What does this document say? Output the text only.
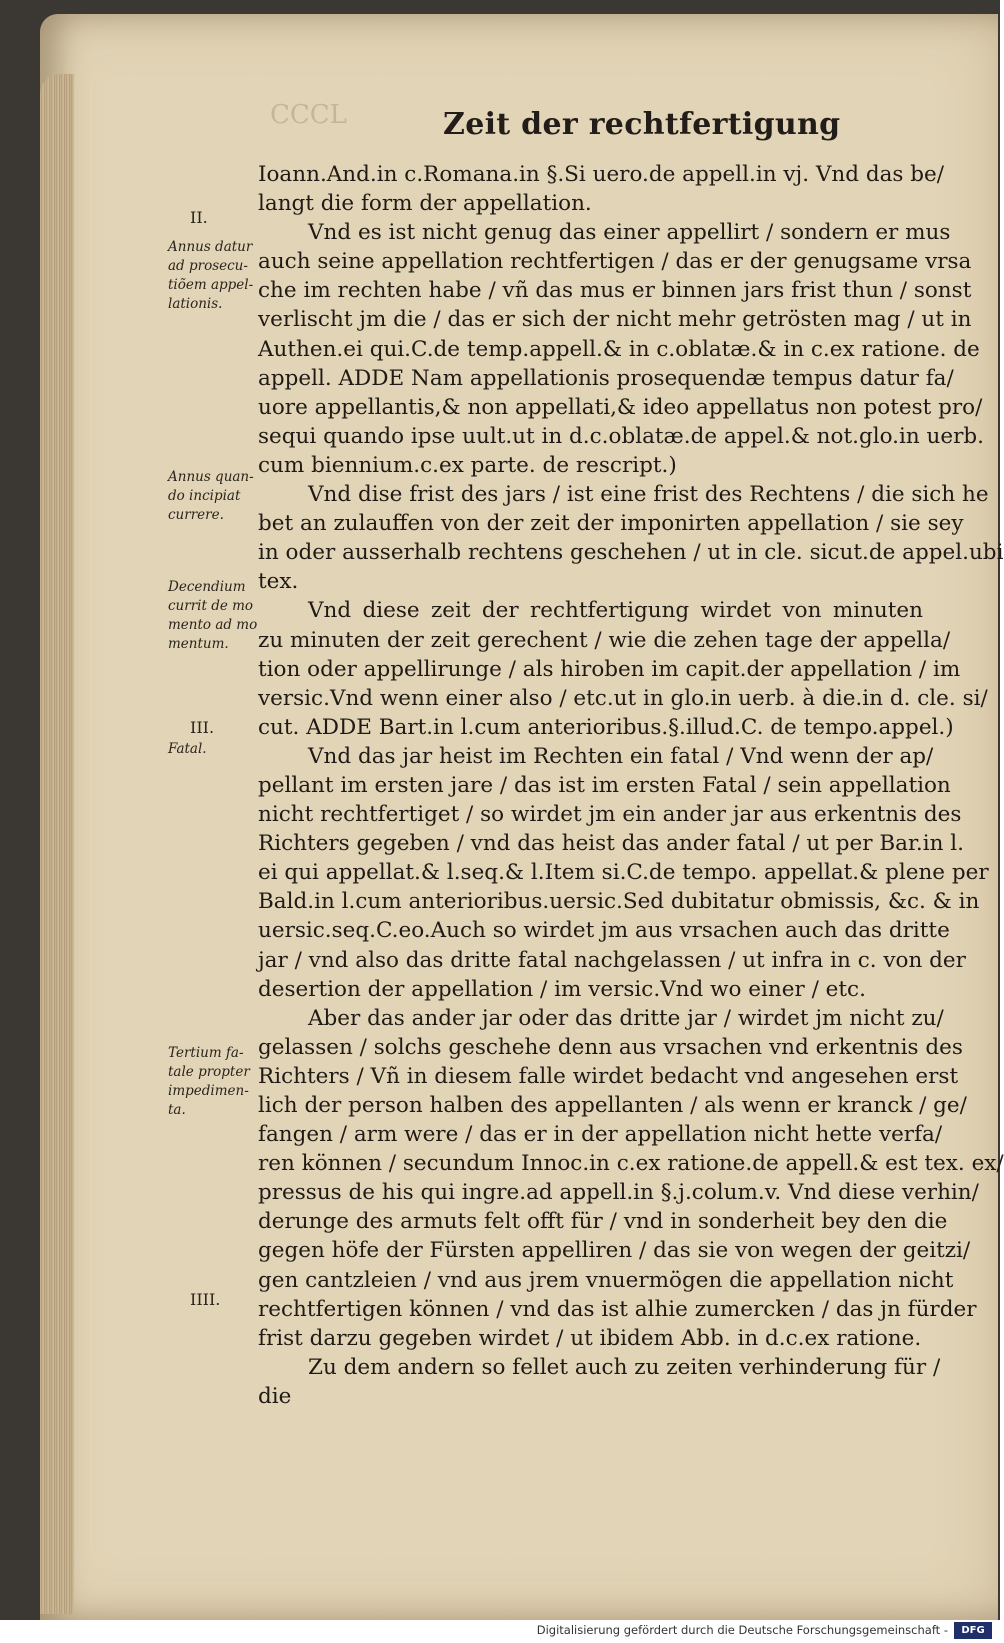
CCCL	Zeit der rechtfertigung
Ioann.And.in c.Romana.in §.Si uero.de appell.in vj. Vnd das be/
langt die form der appellation.
Vnd es ist nicht genug das einer appellirt / sondern er mus
auch seine appellation rechtfertigen / das er der genugsame vrsa
che im rechten habe / vñ das mus er binnen jars frist thun / sonst
verlischt jm die / das er sich der nicht mehr getrösten mag / ut in
Authen.ei qui.C.de temp.appell.& in c.oblatæ.& in c.ex ratione. de
appell. ADDE Nam appellationis prosequendæ tempus datur fa/
uore appellantis,& non appellati,& ideo appellatus non potest pro/
sequi quando ipse uult.ut in d.c.oblatæ.de appel.& not.glo.in uerb.
cum biennium.c.ex parte. de rescript.)
Vnd dise frist des jars / ist eine frist des Rechtens / die sich he
bet an zulauffen von der zeit der imponirten appellation / sie sey
in oder ausserhalb rechtens geschehen / ut in cle. sicut.de appel.ubi
tex.
Vnd diese zeit der rechtfertigung wirdet von minuten
zu minuten der zeit gerechent / wie die zehen tage der appella/
tion oder appellirunge / als hiroben im capit.der appellation / im
versic.Vnd wenn einer also / etc.ut in glo.in uerb. à die.in d. cle. si/
cut. ADDE Bart.in l.cum anterioribus.§.illud.C. de tempo.appel.)
Vnd das jar heist im Rechten ein fatal / Vnd wenn der ap/
pellant im ersten jare / das ist im ersten Fatal / sein appellation
nicht rechtfertiget / so wirdet jm ein ander jar aus erkentnis des
Richters gegeben / vnd das heist das ander fatal / ut per Bar.in l.
ei qui appellat.& l.seq.& l.Item si.C.de tempo. appellat.& plene per
Bald.in l.cum anterioribus.uersic.Sed dubitatur obmissis, &c. & in
uersic.seq.C.eo.Auch so wirdet jm aus vrsachen auch das dritte
jar / vnd also das dritte fatal nachgelassen / ut infra in c. von der
desertion der appellation / im versic.Vnd wo einer / etc.
Aber das ander jar oder das dritte jar / wirdet jm nicht zu/
gelassen / solchs geschehe denn aus vrsachen vnd erkentnis des
Richters / Vñ in diesem falle wirdet bedacht vnd angesehen erst
lich der person halben des appellanten / als wenn er kranck / ge/
fangen / arm were / das er in der appellation nicht hette verfa/
ren können / secundum Innoc.in c.ex ratione.de appell.& est tex. ex/
pressus de his qui ingre.ad appell.in §.j.colum.v. Vnd diese verhin/
derunge des armuts felt offt für / vnd in sonderheit bey den die
gegen höfe der Fürsten appelliren / das sie von wegen der geitzi/
gen cantzleien / vnd aus jrem vnuermögen die appellation nicht
rechtfertigen können / vnd das ist alhie zumercken / das jn fürder
frist darzu gegeben wirdet / ut ibidem Abb. in d.c.ex ratione.
Zu dem andern so fellet auch zu zeiten verhinderung für /
die
II.
Annus datur
ad prosecu-
tiõem appel-
lationis.
Annus quan-
do incipiat
currere.
Decendium
currit de mo
mento ad mo
mentum.
III.
Fatal.
Tertium fa-
tale propter
impedimen-
ta.
IIII.
Digitalisierung gefördert durch die Deutsche Forschungsgemeinschaft -	DFG
